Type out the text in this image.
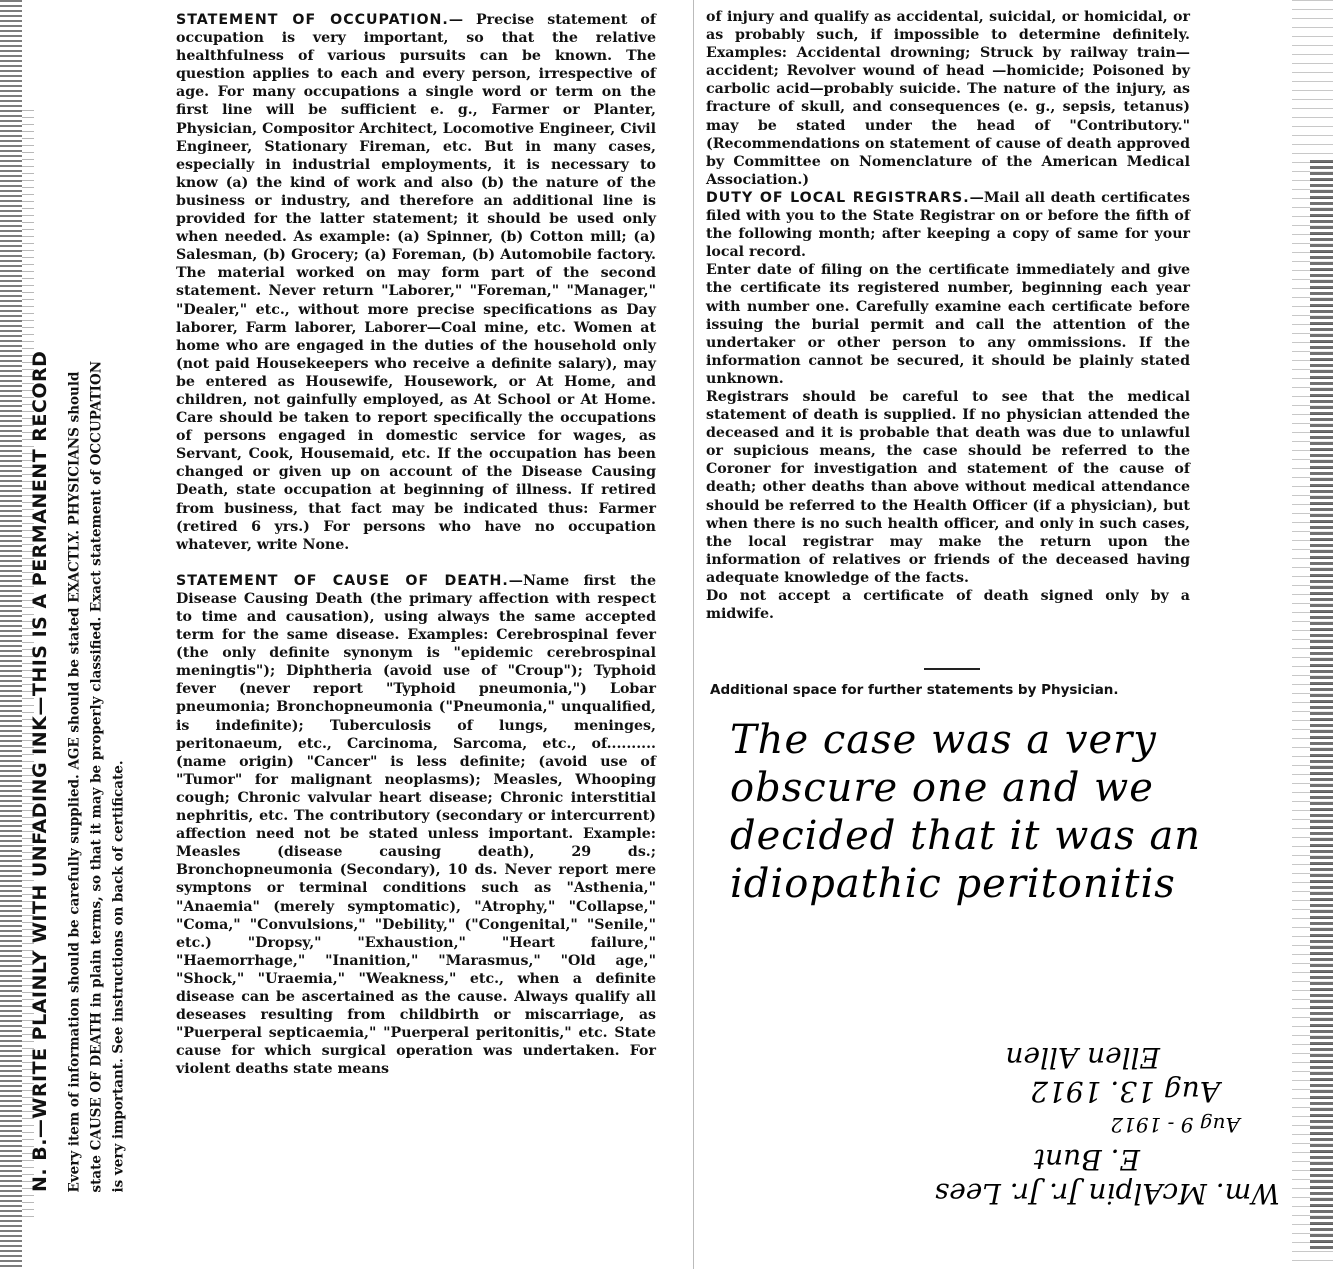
N. B.—WRITE PLAINLY WITH UNFADING INK—THIS IS A PERMANENT RECORD Every item of information should be carefully supplied. AGE should be stated EXACTLY. PHYSICIANS should state CAUSE OF DEATH in plain terms, so that it may be properly classified. Exact statement of OCCUPATION is very important. See instructions on back of certificate.

STATEMENT OF OCCUPATION.— Precise statement of occupation is very important, so that the relative healthfulness of various pursuits can be known. The question applies to each and every person, irrespective of age. For many occupations a single word or term on the first line will be sufficient e. g., Farmer or Planter, Physician, Compositor Architect, Locomotive Engineer, Civil Engineer, Stationary Fireman, etc. But in many cases, especially in industrial employments, it is necessary to know (a) the kind of work and also (b) the nature of the business or industry, and therefore an additional line is provided for the latter statement; it should be used only when needed. As example: (a) Spinner, (b) Cotton mill; (a) Salesman, (b) Grocery; (a) Foreman, (b) Automobile factory. The material worked on may form part of the second statement. Never return "Laborer," "Foreman," "Manager," "Dealer," etc., without more precise specifications as Day laborer, Farm laborer, Laborer—Coal mine, etc. Women at home who are engaged in the duties of the household only (not paid Housekeepers who receive a definite salary), may be entered as Housewife, Housework, or At Home, and children, not gainfully employed, as At School or At Home. Care should be taken to report specifically the occupations of persons engaged in domestic service for wages, as Servant, Cook, Housemaid, etc. If the occupation has been changed or given up on account of the Disease Causing Death, state occupation at beginning of illness. If retired from business, that fact may be indicated thus: Farmer (retired 6 yrs.) For persons who have no occupation whatever, write None.

STATEMENT OF CAUSE OF DEATH.—Name first the Disease Causing Death (the primary affection with respect to time and causation), using always the same accepted term for the same disease. Examples: Cerebrospinal fever (the only definite synonym is "epidemic cerebrospinal meningtis"); Diphtheria (avoid use of "Croup"); Typhoid fever (never report "Typhoid pneumonia,") Lobar pneumonia; Bronchopneumonia ("Pneumonia," unqualified, is indefinite); Tuberculosis of lungs, meninges, peritonaeum, etc., Carcinoma, Sarcoma, etc., of.......... (name origin) "Cancer" is less definite; (avoid use of "Tumor" for malignant neoplasms); Measles, Whooping cough; Chronic valvular heart disease; Chronic interstitial nephritis, etc. The contributory (secondary or intercurrent) affection need not be stated unless important. Example: Measles (disease causing death), 29 ds.; Bronchopneumonia (Secondary), 10 ds. Never report mere symptons or terminal conditions such as "Asthenia," "Anaemia" (merely symptomatic), "Atrophy," "Collapse," "Coma," "Convulsions," "Debility," ("Congenital," "Senile," etc.) "Dropsy," "Exhaustion," "Heart failure," "Haemorrhage," "Inanition," "Marasmus," "Old age," "Shock," "Uraemia," "Weakness," etc., when a definite disease can be ascertained as the cause. Always qualify all deseases resulting from childbirth or miscarriage, as "Puerperal septicaemia," "Puerperal peritonitis," etc. State cause for which surgical operation was undertaken. For violent deaths state means

of injury and qualify as accidental, suicidal, or homicidal, or as probably such, if impossible to determine definitely. Examples: Accidental drowning; Struck by railway train—accident; Revolver wound of head —homicide; Poisoned by carbolic acid—probably suicide. The nature of the injury, as fracture of skull, and consequences (e. g., sepsis, tetanus) may be stated under the head of "Contributory." (Recommendations on statement of cause of death approved by Committee on Nomenclature of the American Medical Association.)

DUTY OF LOCAL REGISTRARS.—Mail all death certificates filed with you to the State Registrar on or before the fifth of the following month; after keeping a copy of same for your local record.

Enter date of filing on the certificate immediately and give the certificate its registered number, beginning each year with number one. Carefully examine each certificate before issuing the burial permit and call the attention of the undertaker or other person to any ommissions. If the information cannot be secured, it should be plainly stated unknown.

Registrars should be careful to see that the medical statement of death is supplied. If no physician attended the deceased and it is probable that death was due to unlawful or supicious means, the case should be referred to the Coroner for investigation and statement of the cause of death; other deaths than above without medical attendance should be referred to the Health Officer (if a physician), but when there is no such health officer, and only in such cases, the local registrar may make the return upon the information of relatives or friends of the deceased having adequate knowledge of the facts.

Do not accept a certificate of death signed only by a midwife.

Additional space for further statements by Physician.
The case was a very
obscure one and we
decided that it was an
idiopathic peritonitis
Wm. McAlpin Jr. Jr. Lees
E. Bunt
Aug 9 - 1912
Aug 13. 1912
Ellen Allen
